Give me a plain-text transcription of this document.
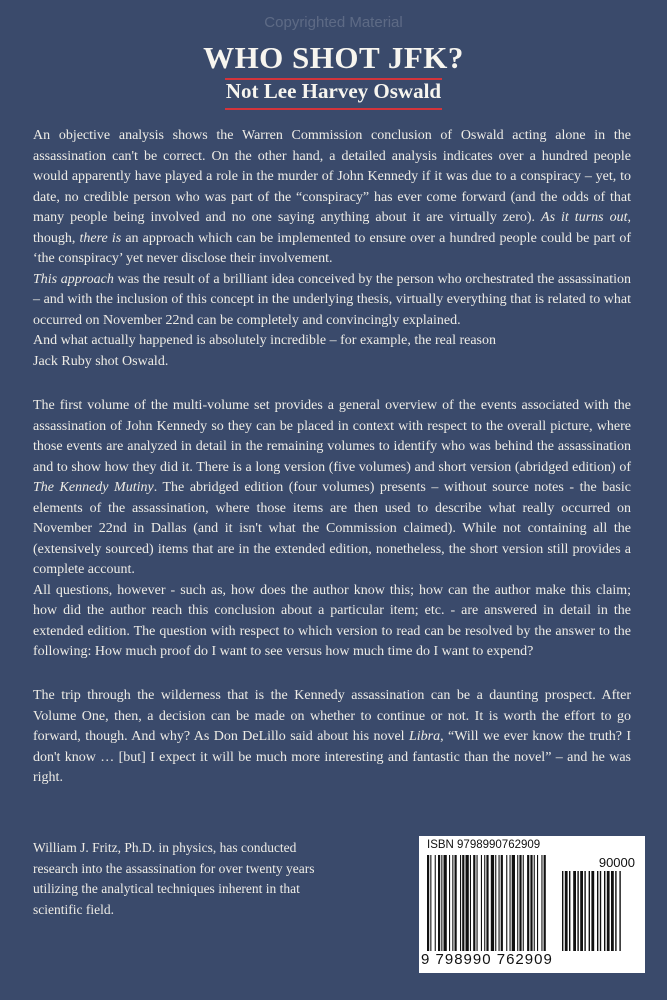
Copyrighted Material
WHO SHOT JFK?
Not Lee Harvey Oswald

An objective analysis shows the Warren Commission conclusion of Oswald acting alone in the assassination can't be correct. On the other hand, a detailed analysis indicates over a hundred people would apparently have played a role in the murder of John Kennedy if it was due to a conspiracy – yet, to date, no credible person who was part of the “conspiracy” has ever come forward (and the odds of that many people being involved and no one saying anything about it are virtually zero). As it turns out, though, there is an approach which can be implemented to ensure over a hundred people could be part of ‘the conspiracy’ yet never disclose their involvement.

This approach was the result of a brilliant idea conceived by the person who orchestrated the assassination – and with the inclusion of this concept in the underlying thesis, virtually everything that is related to what occurred on November 22nd can be completely and convincingly explained.

And what actually happened is absolutely incredible – for example, the real reason
Jack Ruby shot Oswald.

The first volume of the multi-volume set provides a general overview of the events associated with the assassination of John Kennedy so they can be placed in context with respect to the overall picture, where those events are analyzed in detail in the remaining volumes to identify who was behind the assassination and to show how they did it. There is a long version (five volumes) and short version (abridged edition) of The Kennedy Mutiny. The abridged edition (four volumes) presents – without source notes - the basic elements of the assassination, where those items are then used to describe what really occurred on November 22nd in Dallas (and it isn't what the Commission claimed). While not containing all the (extensively sourced) items that are in the extended edition, nonetheless, the short version still provides a complete account.

All questions, however - such as, how does the author know this; how can the author make this claim; how did the author reach this conclusion about a particular item; etc. - are answered in detail in the extended edition. The question with respect to which version to read can be resolved by the answer to the following: How much proof do I want to see versus how much time do I want to expend?

The trip through the wilderness that is the Kennedy assassination can be a daunting prospect. After Volume One, then, a decision can be made on whether to continue or not. It is worth the effort to go forward, though. And why? As Don DeLillo said about his novel Libra, “Will we ever know the truth? I don't know … [but] I expect it will be much more interesting and fantastic than the novel” – and he was right.

William J. Fritz, Ph.D. in physics, has conducted research into the assassination for over twenty years utilizing the analytical techniques inherent in that scientific field.
ISBN 9798990762909
90000
9 798990 762909
